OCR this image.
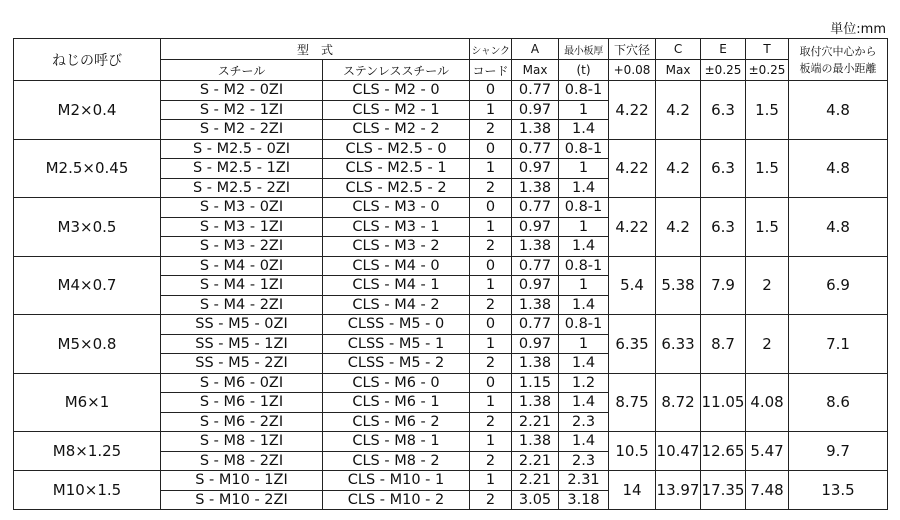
単位:mm
ねじの呼び	型　式		シャンク	A	最小板厚	下穴径	C	E	T	取付穴中心から
板端の最小距離
	スチール	ステンレススチール	コード	Max	(t)	+0.08	Max	±0.25	±0.25	
M2×0.4	S - M2 - 0ZI	CLS - M2 - 0	0	0.77	0.8-1	4.22	4.2	6.3	1.5	4.8
	S - M2 - 1ZI	CLS - M2 - 1	1	0.97	1					
	S - M2 - 2ZI	CLS - M2 - 2	2	1.38	1.4					
M2.5×0.45	S - M2.5 - 0ZI	CLS - M2.5 - 0	0	0.77	0.8-1	4.22	4.2	6.3	1.5	4.8
	S - M2.5 - 1ZI	CLS - M2.5 - 1	1	0.97	1					
	S - M2.5 - 2ZI	CLS - M2.5 - 2	2	1.38	1.4					
M3×0.5	S - M3 - 0ZI	CLS - M3 - 0	0	0.77	0.8-1	4.22	4.2	6.3	1.5	4.8
	S - M3 - 1ZI	CLS - M3 - 1	1	0.97	1					
	S - M3 - 2ZI	CLS - M3 - 2	2	1.38	1.4					
M4×0.7	S - M4 - 0ZI	CLS - M4 - 0	0	0.77	0.8-1	5.4	5.38	7.9	2	6.9
	S - M4 - 1ZI	CLS - M4 - 1	1	0.97	1					
	S - M4 - 2ZI	CLS - M4 - 2	2	1.38	1.4					
M5×0.8	SS - M5 - 0ZI	CLSS - M5 - 0	0	0.77	0.8-1	6.35	6.33	8.7	2	7.1
	SS - M5 - 1ZI	CLSS - M5 - 1	1	0.97	1					
	SS - M5 - 2ZI	CLSS - M5 - 2	2	1.38	1.4					
M6×1	S - M6 - 0ZI	CLS - M6 - 0	0	1.15	1.2	8.75	8.72	11.05	4.08	8.6
	S - M6 - 1ZI	CLS - M6 - 1	1	1.38	1.4					
	S - M6 - 2ZI	CLS - M6 - 2	2	2.21	2.3					
M8×1.25	S - M8 - 1ZI	CLS - M8 - 1	1	1.38	1.4	10.5	10.47	12.65	5.47	9.7
	S - M8 - 2ZI	CLS - M8 - 2	2	2.21	2.3					
M10×1.5	S - M10 - 1ZI	CLS - M10 - 1	1	2.21	2.31	14	13.97	17.35	7.48	13.5
	S - M10 - 2ZI	CLS - M10 - 2	2	3.05	3.18					
